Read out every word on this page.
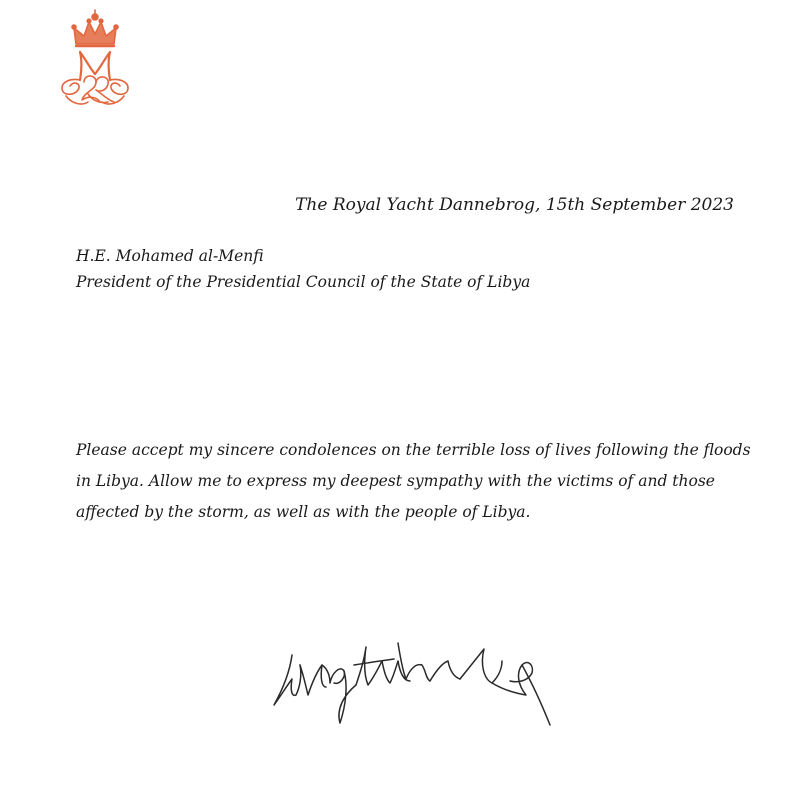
The Royal Yacht Dannebrog, 15th September 2023
H.E. Mohamed al-Menfi
President of the Presidential Council of the State of Libya
Please accept my sincere condolences on the terrible loss of lives following the floods
in Libya. Allow me to express my deepest sympathy with the victims of and those
affected by the storm, as well as with the people of Libya.
